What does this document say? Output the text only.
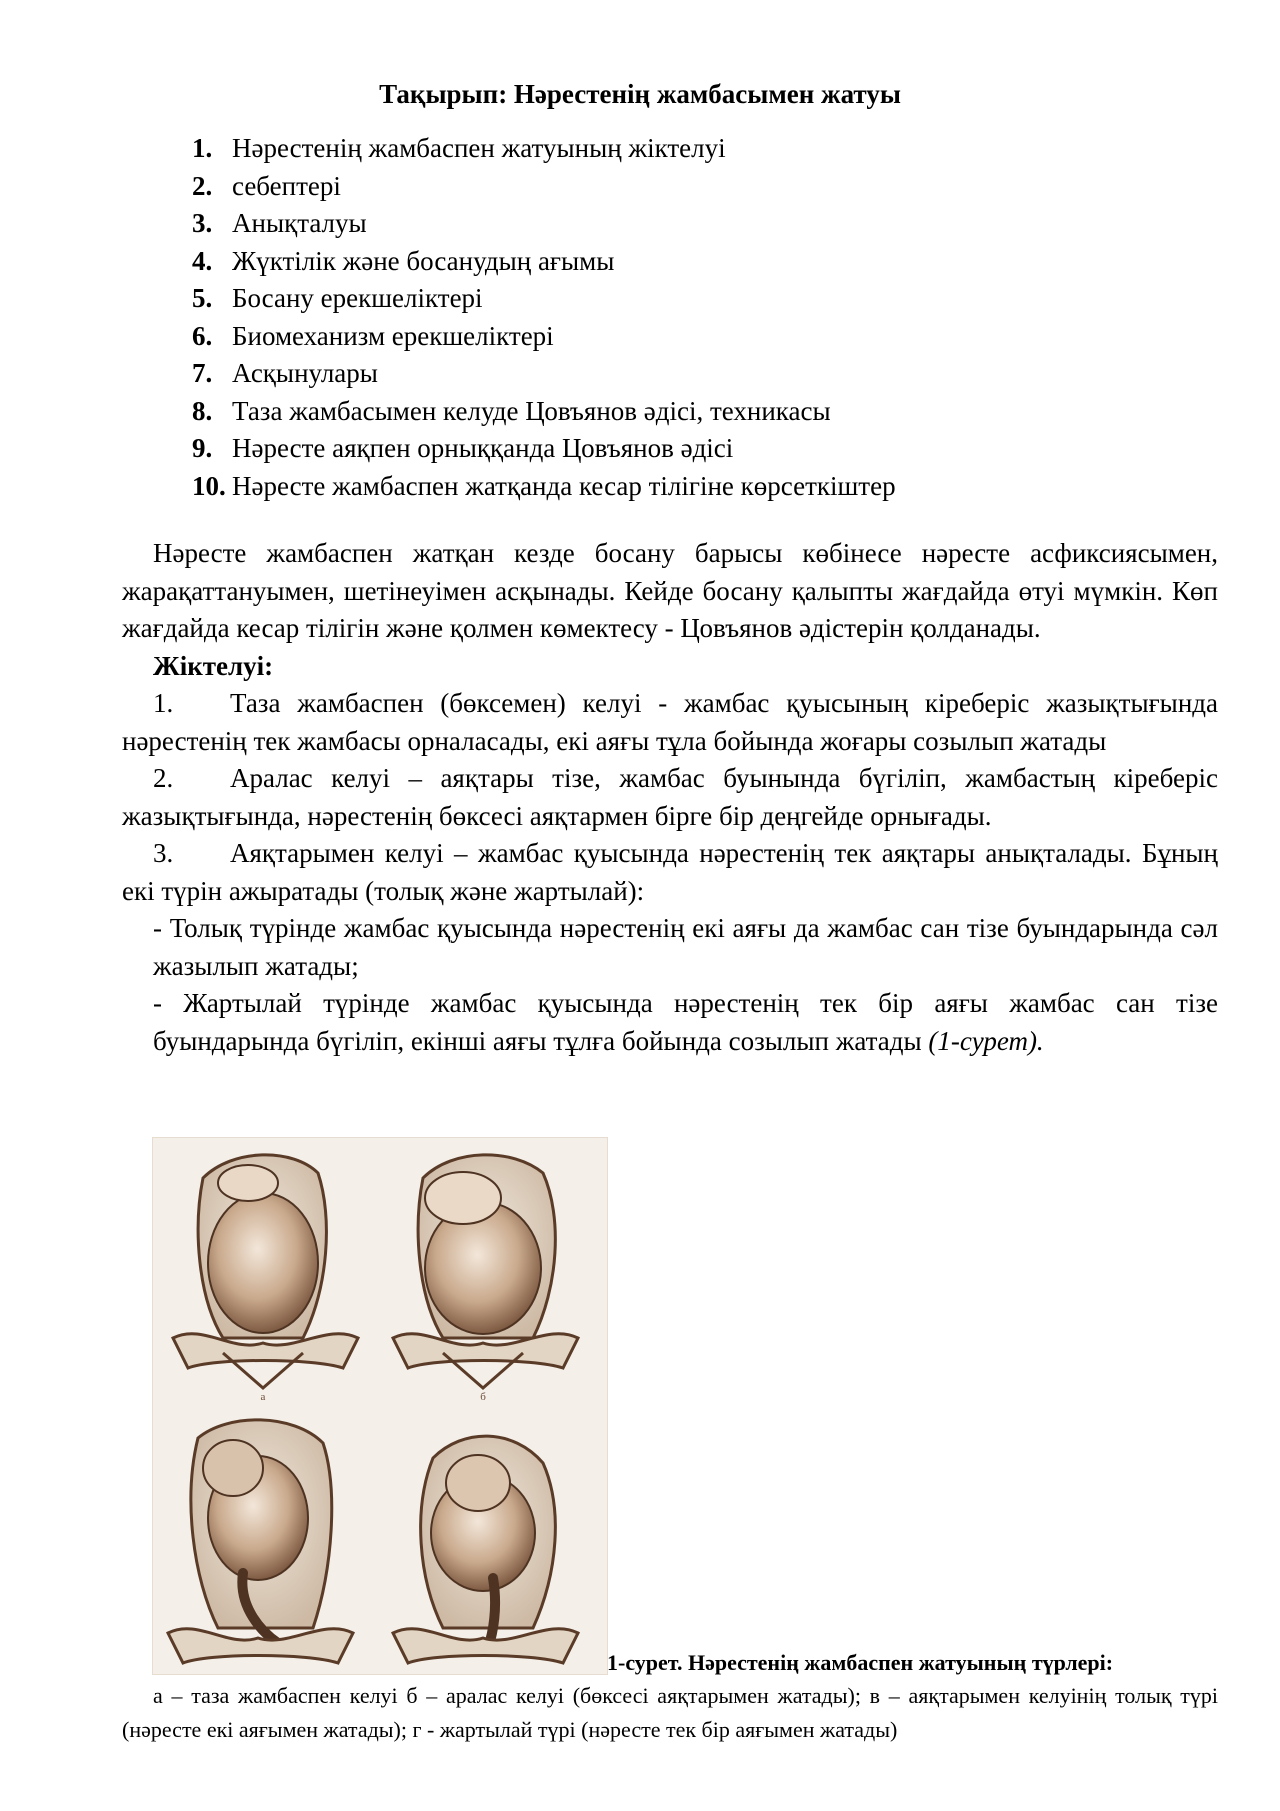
Тақырып: Нәрестенің жамбасымен жатуы
1. Нәрестенің жамбаспен жатуының жіктелуі
2. себептері
3. Анықталуы
4. Жүктілік және босанудың ағымы
5. Босану ерекшеліктері
6. Биомеханизм ерекшеліктері
7. Асқынулары
8. Таза жамбасымен келуде Цовъянов әдісі, техникасы
9. Нәресте аяқпен орныққанда Цовъянов әдісі
10. Нәресте жамбаспен жатқанда кесар тілігіне көрсеткіштер

Нәресте жамбаспен жатқан кезде босану барысы көбінесе нәресте асфиксиясымен, жарақаттануымен, шетінеуімен асқынады. Кейде босану қалыпты жағдайда өтуі мүмкін. Көп жағдайда кесар тілігін және қолмен көмектесу - Цовъянов әдістерін қолданады.

Жіктелуі:

1. Таза жамбаспен (бөксемен) келуі - жамбас қуысының кіреберіс жазықтығында нәрестенің тек жамбасы орналасады, екі аяғы тұла бойында жоғары созылып жатады

2. Аралас келуі – аяқтары тізе, жамбас буынында бүгіліп, жамбастың кіреберіс жазықтығында, нәрестенің бөксесі аяқтармен бірге бір деңгейде орнығады.

3. Аяқтарымен келуі – жамбас қуысында нәрестенің тек аяқтары анықталады. Бұның екі түрін ажыратады (толық және жартылай):

- Толық түрінде жамбас қуысында нәрестенің екі аяғы да жамбас сан тізе буындарында сәл жазылып жатады;

- Жартылай түрінде жамбас қуысында нәрестенің тек бір аяғы жамбас сан тізе буындарында бүгіліп, екінші аяғы тұлға бойында созылып жатады (1-сурет).

а	б
1-сурет. Нәрестенің жамбаспен жатуының түрлері:
а – таза жамбаспен келуі б – аралас келуі (бөксесі аяқтарымен жатады); в – аяқтарымен келуінің толық түрі (нәресте екі аяғымен жатады); г - жартылай түрі (нәресте тек бір аяғымен жатады)
